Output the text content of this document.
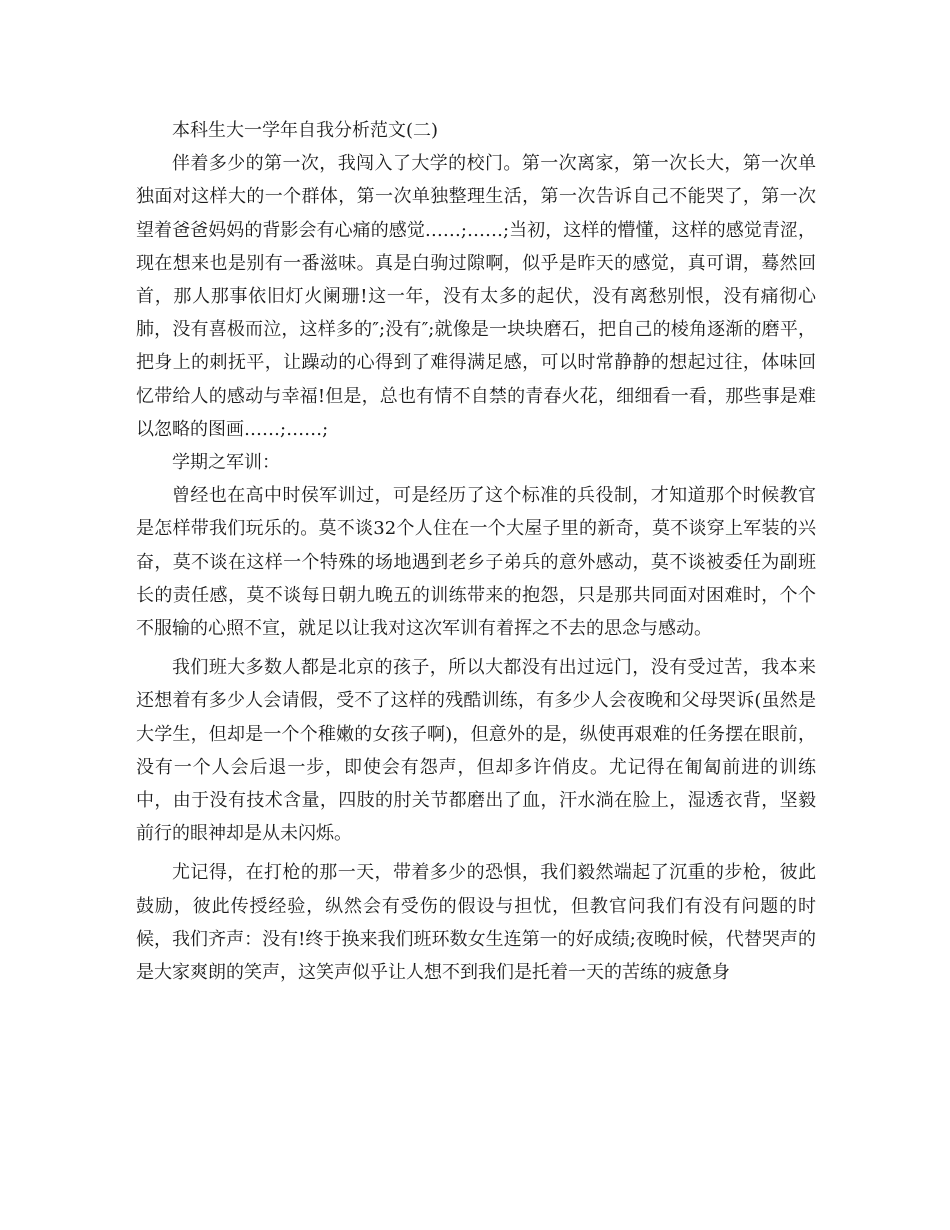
本科生大一学年自我分析范文(二)

伴着多少的第一次，我闯入了大学的校门。第一次离家，第一次长大，第一次单独面对这样大的一个群体，第一次单独整理生活，第一次告诉自己不能哭了，第一次望着爸爸妈妈的背影会有心痛的感觉……;……;当初，这样的懵懂，这样的感觉青涩，现在想来也是别有一番滋味。真是白驹过隙啊，似乎是昨天的感觉，真可谓，蓦然回首，那人那事依旧灯火阑珊!这一年，没有太多的起伏，没有离愁别恨，没有痛彻心肺，没有喜极而泣，这样多的″;没有″;就像是一块块磨石，把自己的棱角逐渐的磨平，把身上的刺抚平，让躁动的心得到了难得满足感，可以时常静静的想起过往，体味回忆带给人的感动与幸福!但是，总也有情不自禁的青春火花，细细看一看，那些事是难以忽略的图画……;……;

学期之军训：

曾经也在高中时侯军训过，可是经历了这个标准的兵役制，才知道那个时候教官是怎样带我们玩乐的。莫不谈32个人住在一个大屋子里的新奇，莫不谈穿上军装的兴奋，莫不谈在这样一个特殊的场地遇到老乡子弟兵的意外感动，莫不谈被委任为副班长的责任感，莫不谈每日朝九晚五的训练带来的抱怨，只是那共同面对困难时，个个不服输的心照不宣，就足以让我对这次军训有着挥之不去的思念与感动。

我们班大多数人都是北京的孩子，所以大都没有出过远门，没有受过苦，我本来还想着有多少人会请假，受不了这样的残酷训练，有多少人会夜晚和父母哭诉(虽然是大学生，但却是一个个稚嫩的女孩子啊)，但意外的是，纵使再艰难的任务摆在眼前，没有一个人会后退一步，即使会有怨声，但却多许俏皮。尤记得在匍匐前进的训练中，由于没有技术含量，四肢的肘关节都磨出了血，汗水淌在脸上，湿透衣背，坚毅前行的眼神却是从未闪烁。

尤记得，在打枪的那一天，带着多少的恐惧，我们毅然端起了沉重的步枪，彼此鼓励，彼此传授经验，纵然会有受伤的假设与担忧，但教官问我们有没有问题的时候，我们齐声：没有!终于换来我们班环数女生连第一的好成绩;夜晚时候，代替哭声的是大家爽朗的笑声，这笑声似乎让人想不到我们是托着一天的苦练的疲惫身
